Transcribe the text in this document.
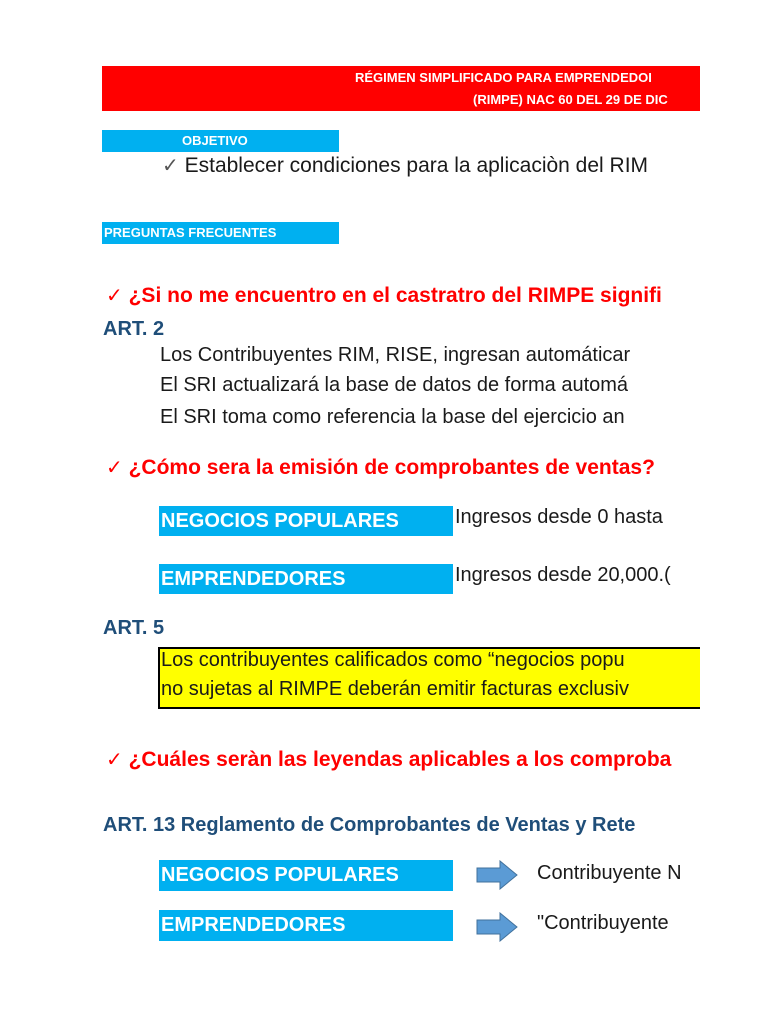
RÉGIMEN SIMPLIFICADO PARA EMPRENDEDOI
(RIMPE) NAC 60 DEL 29 DE DIC
OBJETIVO
✓ Establecer condiciones para la aplicaciòn del RIM
PREGUNTAS FRECUENTES
✓ ¿Si no me encuentro en el castratro del RIMPE signifi
ART. 2
Los Contribuyentes RIM, RISE, ingresan automáticar
El SRI actualizará la base de datos de forma automá
El SRI toma como referencia la base del ejercicio an
✓ ¿Cómo sera la emisión de comprobantes de ventas?
NEGOCIOS POPULARES	Ingresos desde 0 hasta
EMPRENDEDORES	Ingresos desde 20,000.(
ART. 5
Los contribuyentes calificados como “negocios popu
no sujetas al RIMPE deberán emitir facturas exclusiv
✓ ¿Cuáles seràn las leyendas aplicables a los comproba
ART. 13 Reglamento de Comprobantes de Ventas y Rete
NEGOCIOS POPULARES	Contribuyente N
EMPRENDEDORES	"Contribuyente
